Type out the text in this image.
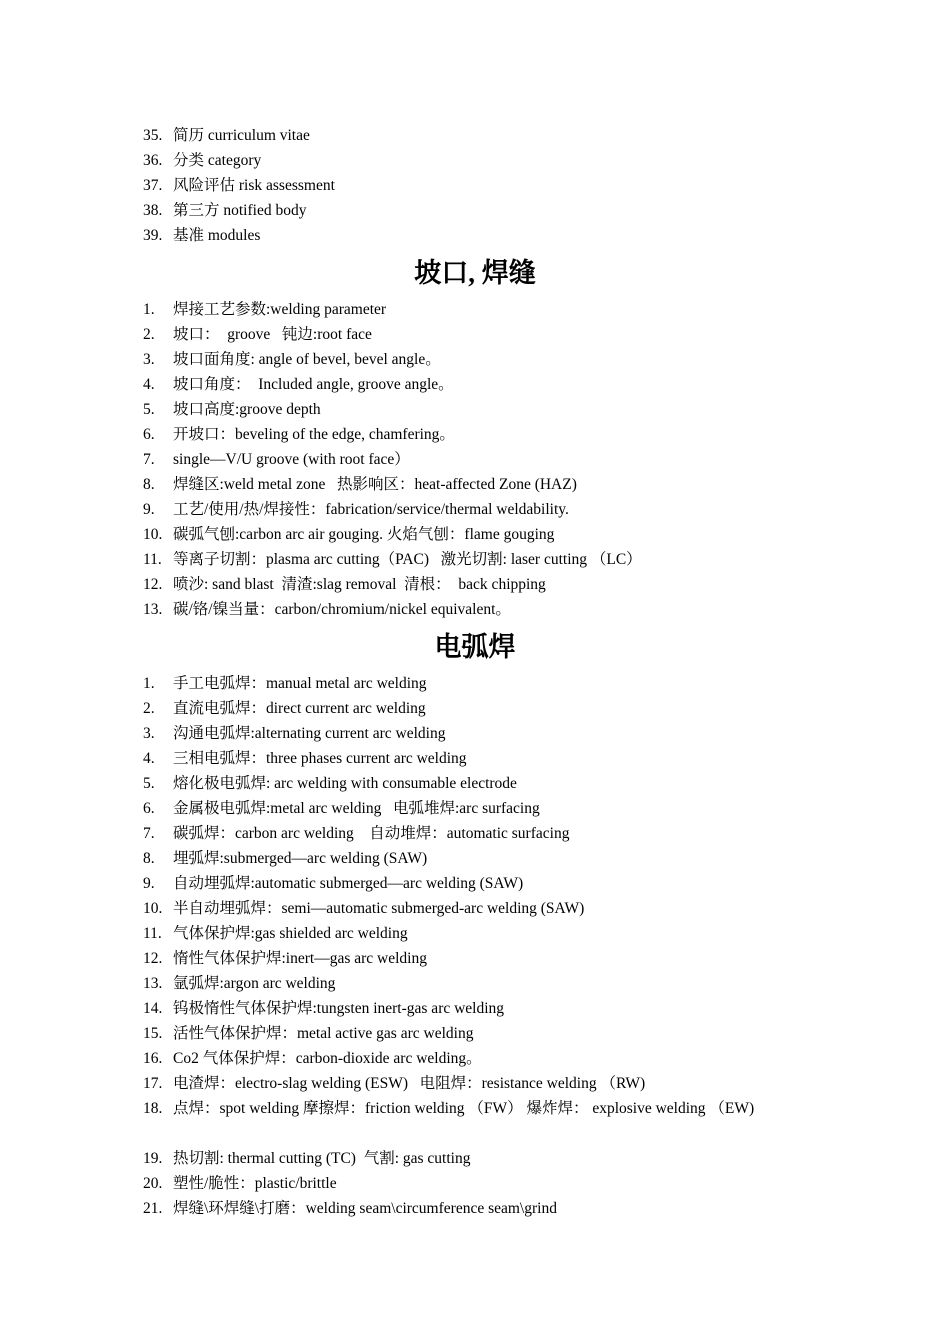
35. 简历 curriculum vitae
36. 分类 category
37. 风险评估 risk assessment
38. 第三方 notified body
39. 基准 modules
坡口, 焊缝
1.	焊接工艺参数:welding parameter
2.	坡口：  groove   钝边:root face
3.	坡口面角度: angle of bevel, bevel angle。
4.	坡口角度：  Included angle, groove angle。
5.	坡口高度:groove depth
6.	开坡口：beveling of the edge, chamfering。
7.	single—V/U groove (with root face）
8.	焊缝区:weld metal zone   热影响区：heat-affected Zone (HAZ)
9.	工艺/使用/热/焊接性：fabrication/service/thermal weldability.
10. 碳弧气刨:carbon arc air gouging. 火焰气刨：flame gouging
11. 等离子切割：plasma arc cutting（PAC)   激光切割: laser cutting （LC）
12. 喷沙: sand blast  清渣:slag removal  清根：  back chipping
13. 碳/铬/镍当量：carbon/chromium/nickel equivalent。
电弧焊
1.	手工电弧焊：manual metal arc welding
2.	直流电弧焊：direct current arc welding
3.	沟通电弧焊:alternating current arc welding
4.	三相电弧焊：three phases current arc welding
5.	熔化极电弧焊: arc welding with consumable electrode
6.	金属极电弧焊:metal arc welding   电弧堆焊:arc surfacing
7.	碳弧焊：carbon arc welding    自动堆焊：automatic surfacing
8.	埋弧焊:submerged—arc welding (SAW)
9.	自动埋弧焊:automatic submerged—arc welding (SAW)
10. 半自动埋弧焊：semi—automatic submerged-arc welding (SAW)
11. 气体保护焊:gas shielded arc welding
12. 惰性气体保护焊:inert—gas arc welding
13. 氩弧焊:argon arc welding
14. 钨极惰性气体保护焊:tungsten inert-gas arc welding
15. 活性气体保护焊：metal active gas arc welding
16. Co2 气体保护焊：carbon-dioxide arc welding。
17. 电渣焊：electro-slag welding (ESW)   电阻焊：resistance welding （RW)
18. 点焊：spot welding 摩擦焊：friction welding （FW） 爆炸焊： explosive welding （EW)
19. 热切割: thermal cutting (TC)  气割: gas cutting
20. 塑性/脆性：plastic/brittle
21. 焊缝\环焊缝\打磨：welding seam\circumference seam\grind
